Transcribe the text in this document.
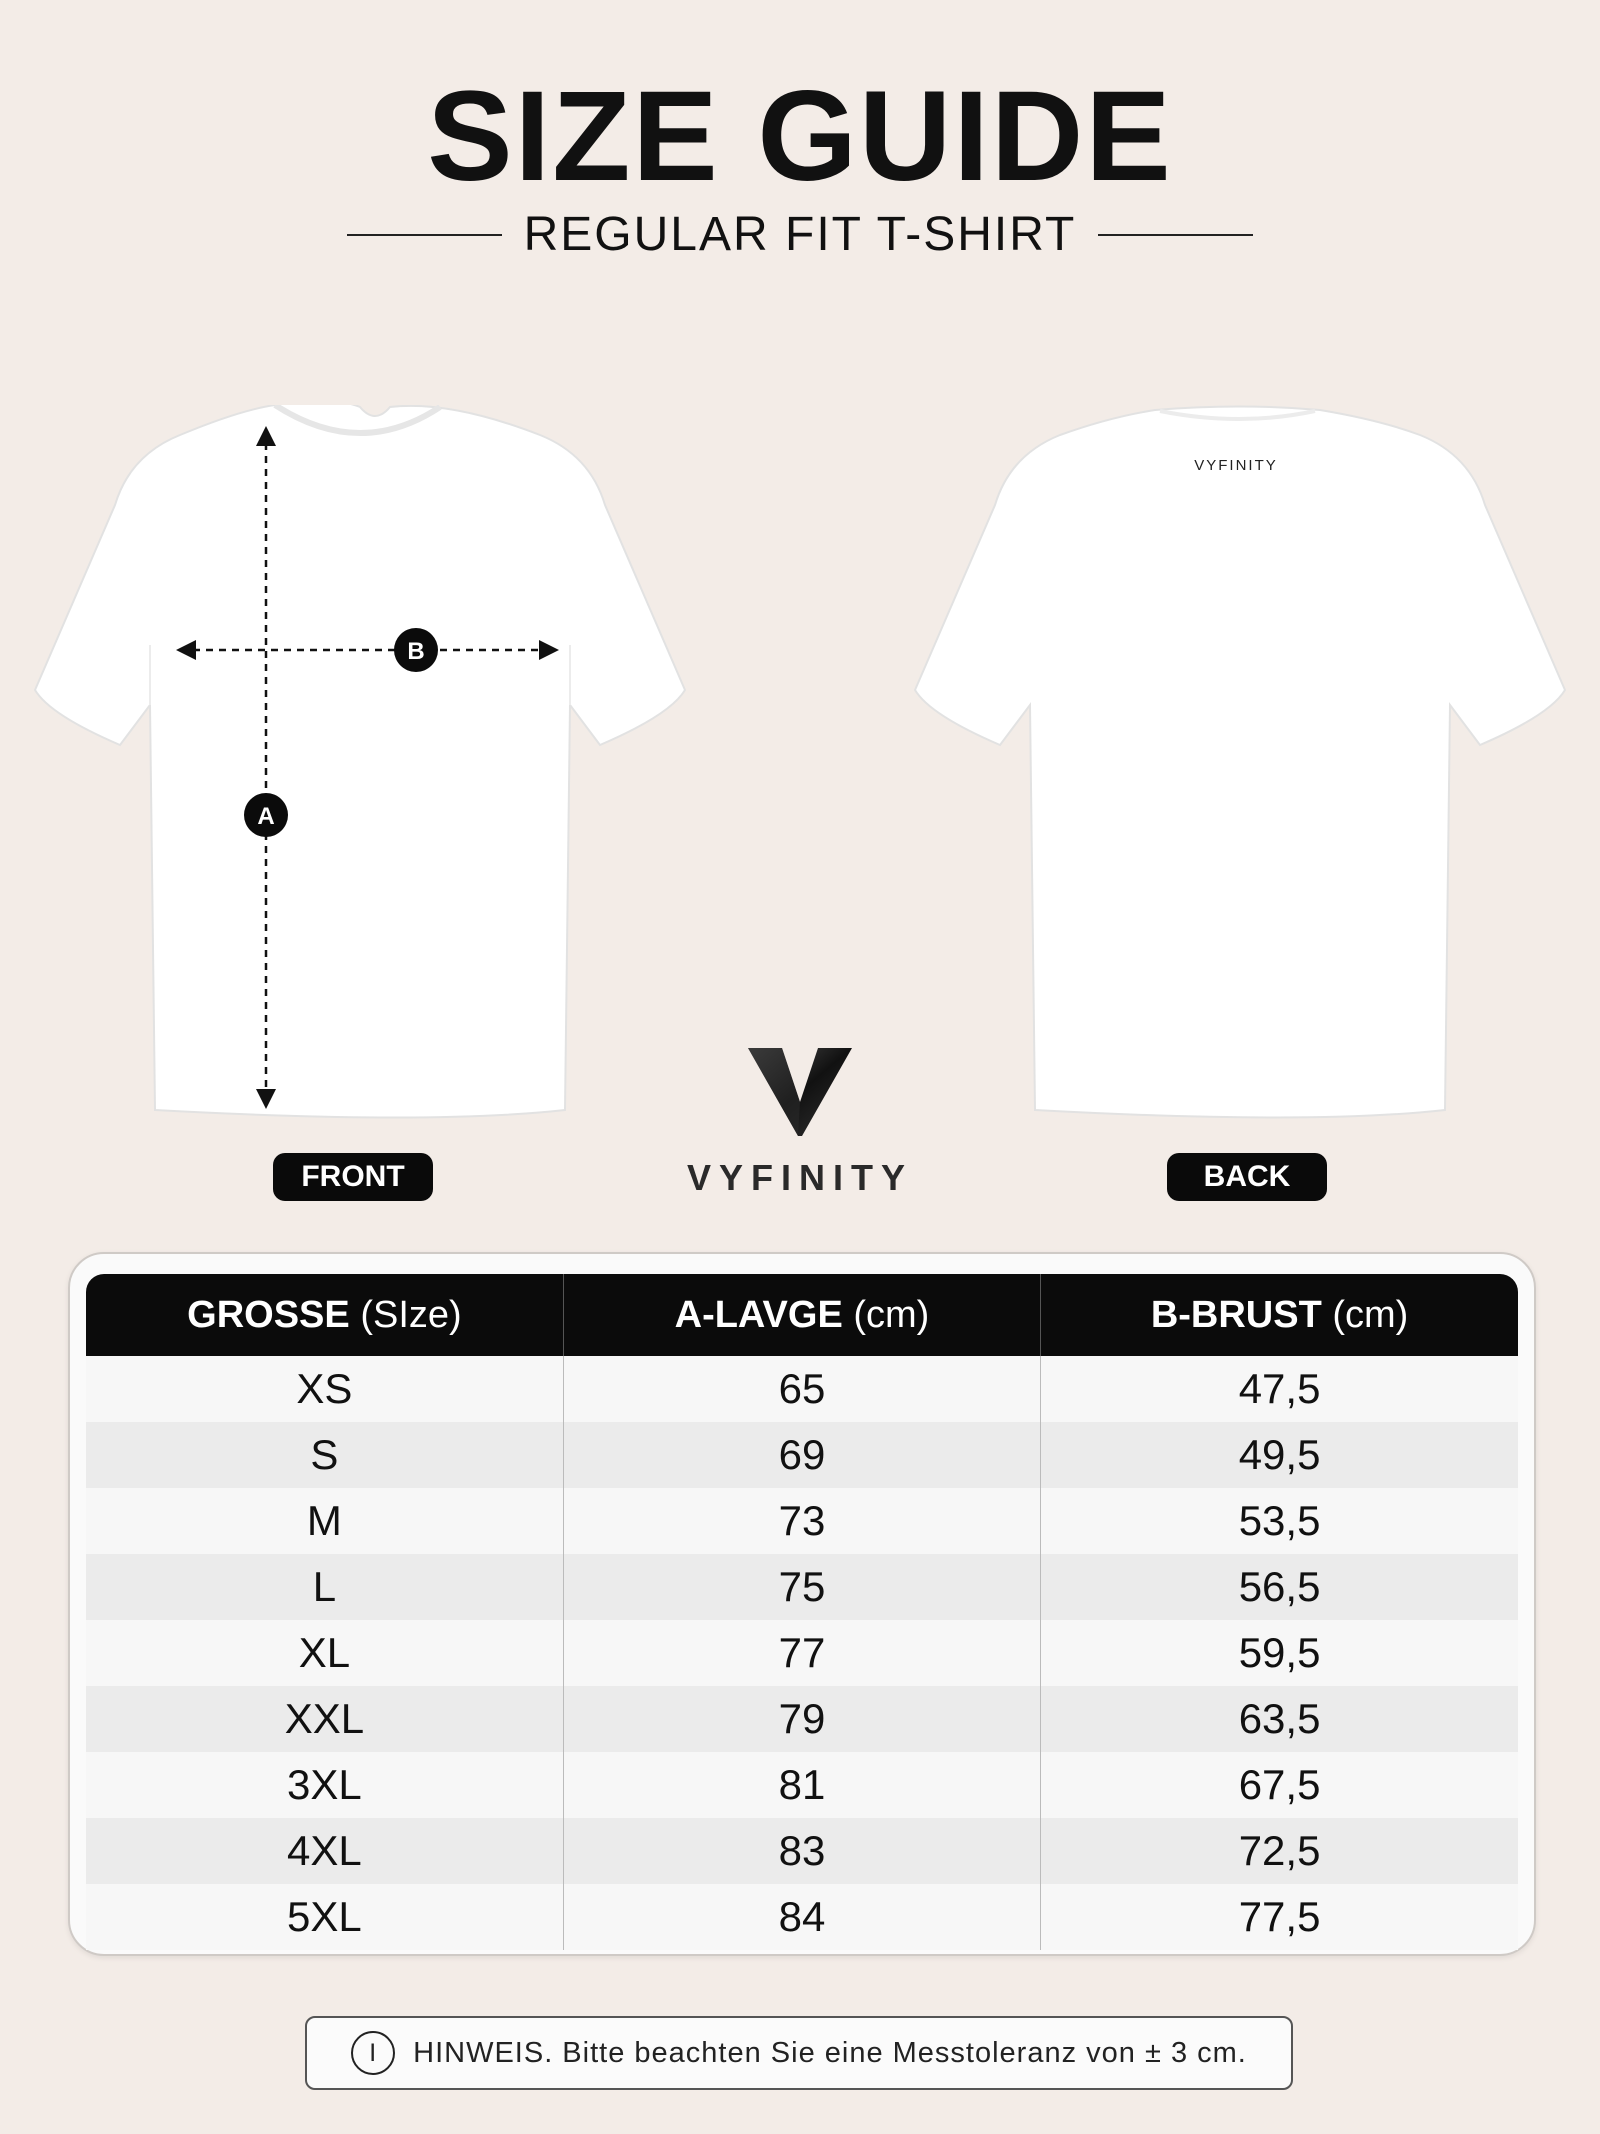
SIZE GUIDE
REGULAR FIT T-SHIRT
B
A
VYFINITY
FRONT	BACK
VYFINITY
GROSSE (SIze)	A-LAVGE (cm)	B-BRUST (cm)
XS	65	47,5
S	69	49,5
M	73	53,5
L	75	56,5
XL	77	59,5
XXL	79	63,5
3XL	81	67,5
4XL	83	72,5
5XL	84	77,5
I	HINWEIS. Bitte beachten Sie eine Messtoleranz von ± 3 cm.
